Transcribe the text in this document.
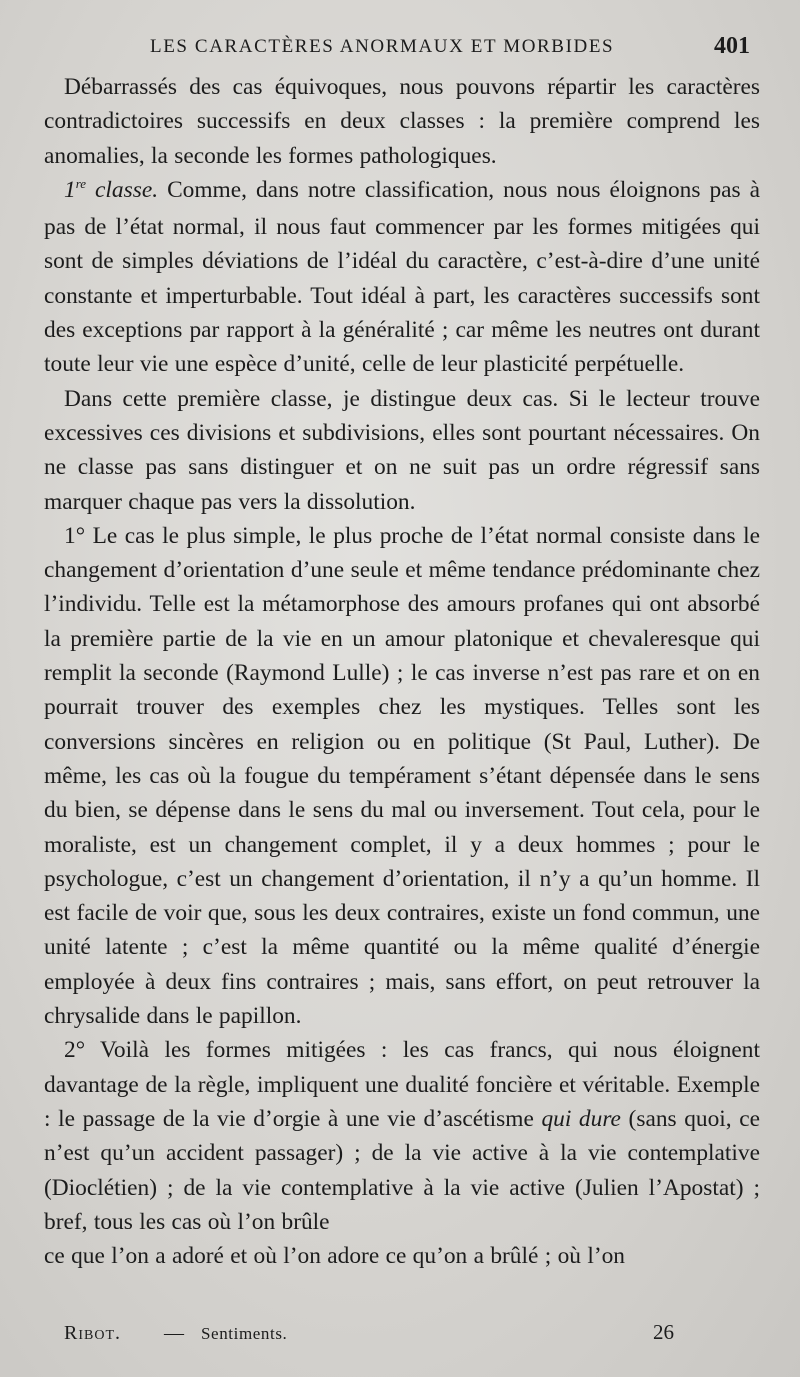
LES CARACTÈRES ANORMAUX ET MORBIDES	401

Débarrassés des cas équivoques, nous pouvons répartir les caractères contradictoires successifs en deux classes : la première comprend les anomalies, la seconde les formes pathologiques.

1re classe. Comme, dans notre classification, nous nous éloignons pas à pas de l’état normal, il nous faut commencer par les formes mitigées qui sont de simples déviations de l’idéal du caractère, c’est-à-dire d’une unité constante et imperturbable. Tout idéal à part, les caractères successifs sont des exceptions par rapport à la généralité ; car même les neutres ont durant toute leur vie une espèce d’unité, celle de leur plasticité perpétuelle.

Dans cette première classe, je distingue deux cas. Si le lecteur trouve excessives ces divisions et subdivisions, elles sont pourtant nécessaires. On ne classe pas sans distinguer et on ne suit pas un ordre régressif sans marquer chaque pas vers la dissolution.

1° Le cas le plus simple, le plus proche de l’état normal consiste dans le changement d’orientation d’une seule et même tendance prédominante chez l’individu. Telle est la métamorphose des amours profanes qui ont absorbé la première partie de la vie en un amour platonique et chevaleresque qui remplit la seconde (Raymond Lulle) ; le cas inverse n’est pas rare et on en pourrait trouver des exemples chez les mystiques. Telles sont les conversions sincères en religion ou en politique (St Paul, Luther). De même, les cas où la fougue du tempérament s’étant dépensée dans le sens du bien, se dépense dans le sens du mal ou inversement. Tout cela, pour le moraliste, est un changement complet, il y a deux hommes ; pour le psychologue, c’est un changement d’orientation, il n’y a qu’un homme. Il est facile de voir que, sous les deux contraires, existe un fond commun, une unité latente ; c’est la même quantité ou la même qualité d’énergie employée à deux fins contraires ; mais, sans effort, on peut retrouver la chrysalide dans le papillon.

2° Voilà les formes mitigées : les cas francs, qui nous éloignent davantage de la règle, impliquent une dualité foncière et véritable. Exemple : le passage de la vie d’orgie à une vie d’ascétisme qui dure (sans quoi, ce n’est qu’un accident passager) ; de la vie active à la vie contemplative (Dioclétien) ; de la vie contemplative à la vie active (Julien l’Apostat) ; bref, tous les cas où l’on brûle
ce que l’on a adoré et où l’on adore ce qu’on a brûlé ; où l’on

Ribot. — Sentiments.	26
